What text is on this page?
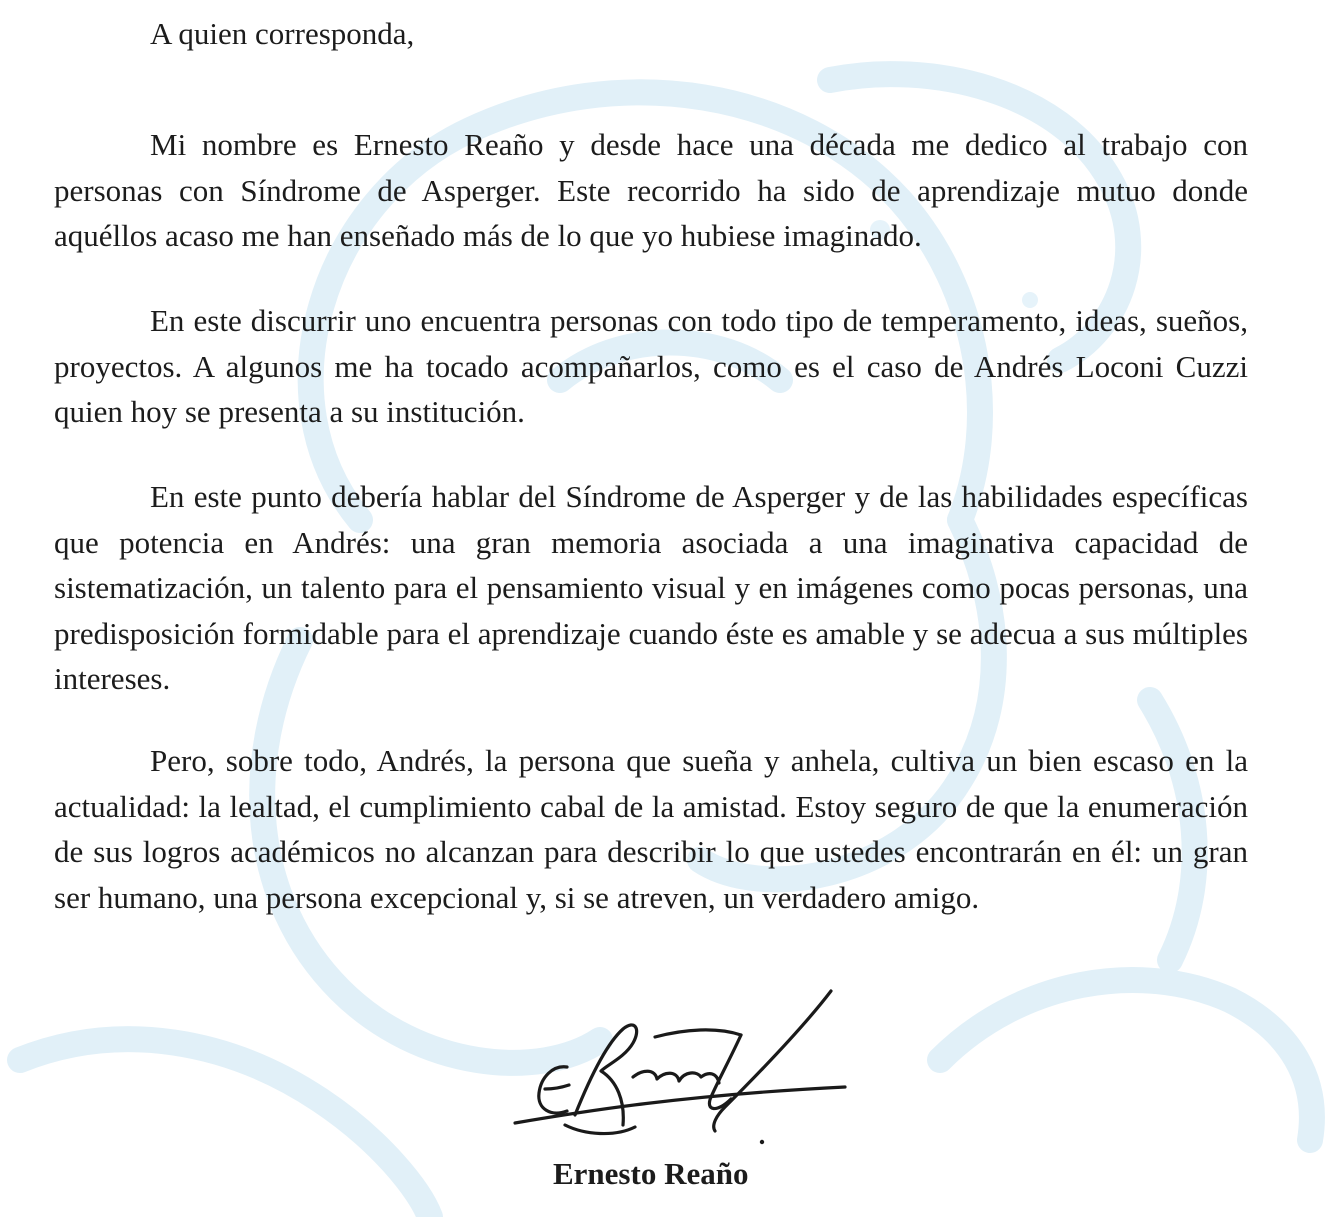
A quien corresponda,

Mi nombre es Ernesto Reaño y desde hace una década me dedico al trabajo con personas con Síndrome de Asperger. Este recorrido ha sido de aprendizaje mutuo donde aquéllos acaso me han enseñado más de lo que yo hubiese imaginado.

En este discurrir uno encuentra personas con todo tipo de temperamento, ideas, sueños, proyectos. A algunos me ha tocado acompañarlos, como es el caso de Andrés Loconi Cuzzi quien hoy se presenta a su institución.

En este punto debería hablar del Síndrome de Asperger y de las habilidades específicas que potencia en Andrés: una gran memoria asociada a una imaginativa capacidad de sistematización, un talento para el pensamiento visual y en imágenes como pocas personas, una predisposición formidable para el aprendizaje cuando éste es amable y se adecua a sus múltiples intereses.

Pero, sobre todo, Andrés, la persona que sueña y anhela, cultiva un bien escaso en la actualidad: la lealtad, el cumplimiento cabal de la amistad. Estoy seguro de que la enumeración de sus logros académicos no alcanzan para describir lo que ustedes encontrarán en él: un gran ser humano, una persona excepcional y, si se atreven, un verdadero amigo.

Reaño

Ernesto Reaño
